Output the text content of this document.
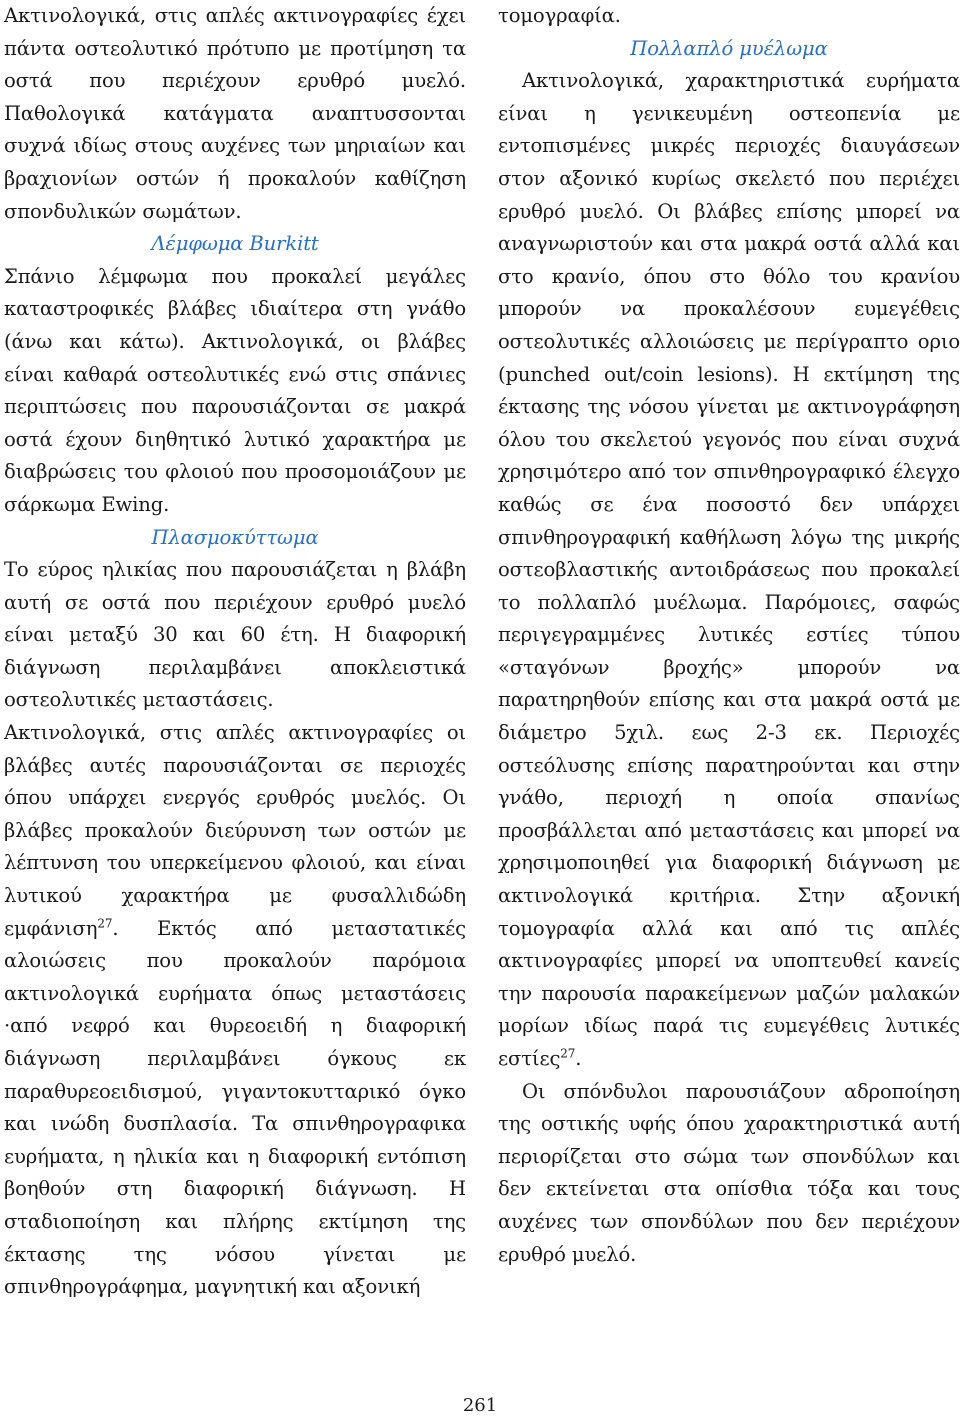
Ακτινολογικά, στις απλές ακτινογραφίες έχει πάντα οστεολυτικό πρότυπο με προτίμηση τα οστά που περιέχουν ερυθρό μυελό. Παθολογικά κατάγματα αναπτυσσονται συχνά ιδίως στους αυχένες των μηριαίων και βραχιονίων οστών ή προκαλούν καθίζηση σπονδυλικών σωμάτων.

Λέμφωμα Burkitt

Σπάνιο λέμφωμα που προκαλεί μεγάλες καταστροφικές βλάβες ιδιαίτερα στη γνάθο (άνω και κάτω). Ακτινολογικά, οι βλάβες είναι καθαρά οστεολυτικές ενώ στις σπάνιες περιπτώσεις που παρουσιάζονται σε μακρά οστά έχουν διηθητικό λυτικό χαρακτήρα με διαβρώσεις του φλοιού που προσομοιάζουν με σάρκωμα Ewing.

Πλασμοκύττωμα

Το εύρος ηλικίας που παρουσιάζεται η βλάβη αυτή σε οστά που περιέχουν ερυθρό μυελό είναι μεταξύ 30 και 60 έτη. Η διαφορική διάγνωση περιλαμβάνει αποκλειστικά οστεολυτικές μεταστάσεις.

Ακτινολογικά, στις απλές ακτινογραφίες οι βλάβες αυτές παρουσιάζονται σε περιοχές όπου υπάρχει ενεργός ερυθρός μυελός. Οι βλάβες προκαλούν διεύρυνση των οστών με λέπτυνση του υπερκείμενου φλοιού, και είναι λυτικού χαρακτήρα με φυσαλλιδώδη εμφάνιση$^{27}$. Εκτός από μεταστατικές αλοιώσεις που προκαλούν παρόμοια ακτινολογικά ευρήματα όπως μεταστάσεις ·από νεφρό και θυρεοειδή η διαφορική διάγνωση περιλαμβάνει όγκους εκ παραθυρεοειδισμού, γιγαντοκυτταρικό όγκο και ινώδη δυσπλασία. Τα σπινθηρογραφικα ευρήματα, η ηλικία και η διαφορική εντόπιση βοηθούν στη διαφορική διάγνωση. Η σταδιοποίηση και πλήρης εκτίμηση της έκτασης της νόσου γίνεται με σπινθηρογράφημα, μαγνητική και αξονική

τομογραφία.

Πολλαπλό μυέλωμα

Ακτινολογικά, χαρακτηριστικά ευρήματα είναι η γενικευμένη οστεοπενία με εντοπισμένες μικρές περιοχές διαυγάσεων στον αξονικό κυρίως σκελετό που περιέχει ερυθρό μυελό. Οι βλάβες επίσης μπορεί να αναγνωριστούν και στα μακρά οστά αλλά και στο κρανίο, όπου στο θόλο του κρανίου μπορούν να προκαλέσουν ευμεγέθεις οστεολυτικές αλλοιώσεις με περίγραπτο οριο (punched out/coin lesions). Η εκτίμηση της έκτασης της νόσου γίνεται με ακτινογράφηση όλου του σκελετού γεγονός που είναι συχνά χρησιμότερο από τον σπινθηρογραφικό έλεγχο καθώς σε ένα ποσοστό δεν υπάρχει σπινθηρογραφική καθήλωση λόγω της μικρής οστεοβλαστικής αντοιδράσεως που προκαλεί το πολλαπλό μυέλωμα. Παρόμοιες, σαφώς περιγεγραμμένες λυτικές εστίες τύπου «σταγόνων βροχής» μπορούν να παρατηρηθούν επίσης και στα μακρά οστά με διάμετρο 5χιλ. εως 2-3 εκ. Περιοχές οστεόλυσης επίσης παρατηρούνται και στην γνάθο, περιοχή η οποία σπανίως προσβάλλεται από μεταστάσεις και μπορεί να χρησιμοποιηθεί για διαφορική διάγνωση με ακτινολογικά κριτήρια. Στην αξονική τομογραφία αλλά και από τις απλές ακτινογραφίες μπορεί να υποπτευθεί κανείς την παρουσία παρακείμενων μαζών μαλακών μορίων ιδίως παρά τις ευμεγέθεις λυτικές εστίες$^{27}$.

Οι σπόνδυλοι παρουσιάζουν αδροποίηση της οστικής υφής όπου χαρακτηριστικά αυτή περιορίζεται στο σώμα των σπονδύλων και δεν εκτείνεται στα οπίσθια τόξα και τους αυχένες των σπονδύλων που δεν περιέχουν ερυθρό μυελό.

261
